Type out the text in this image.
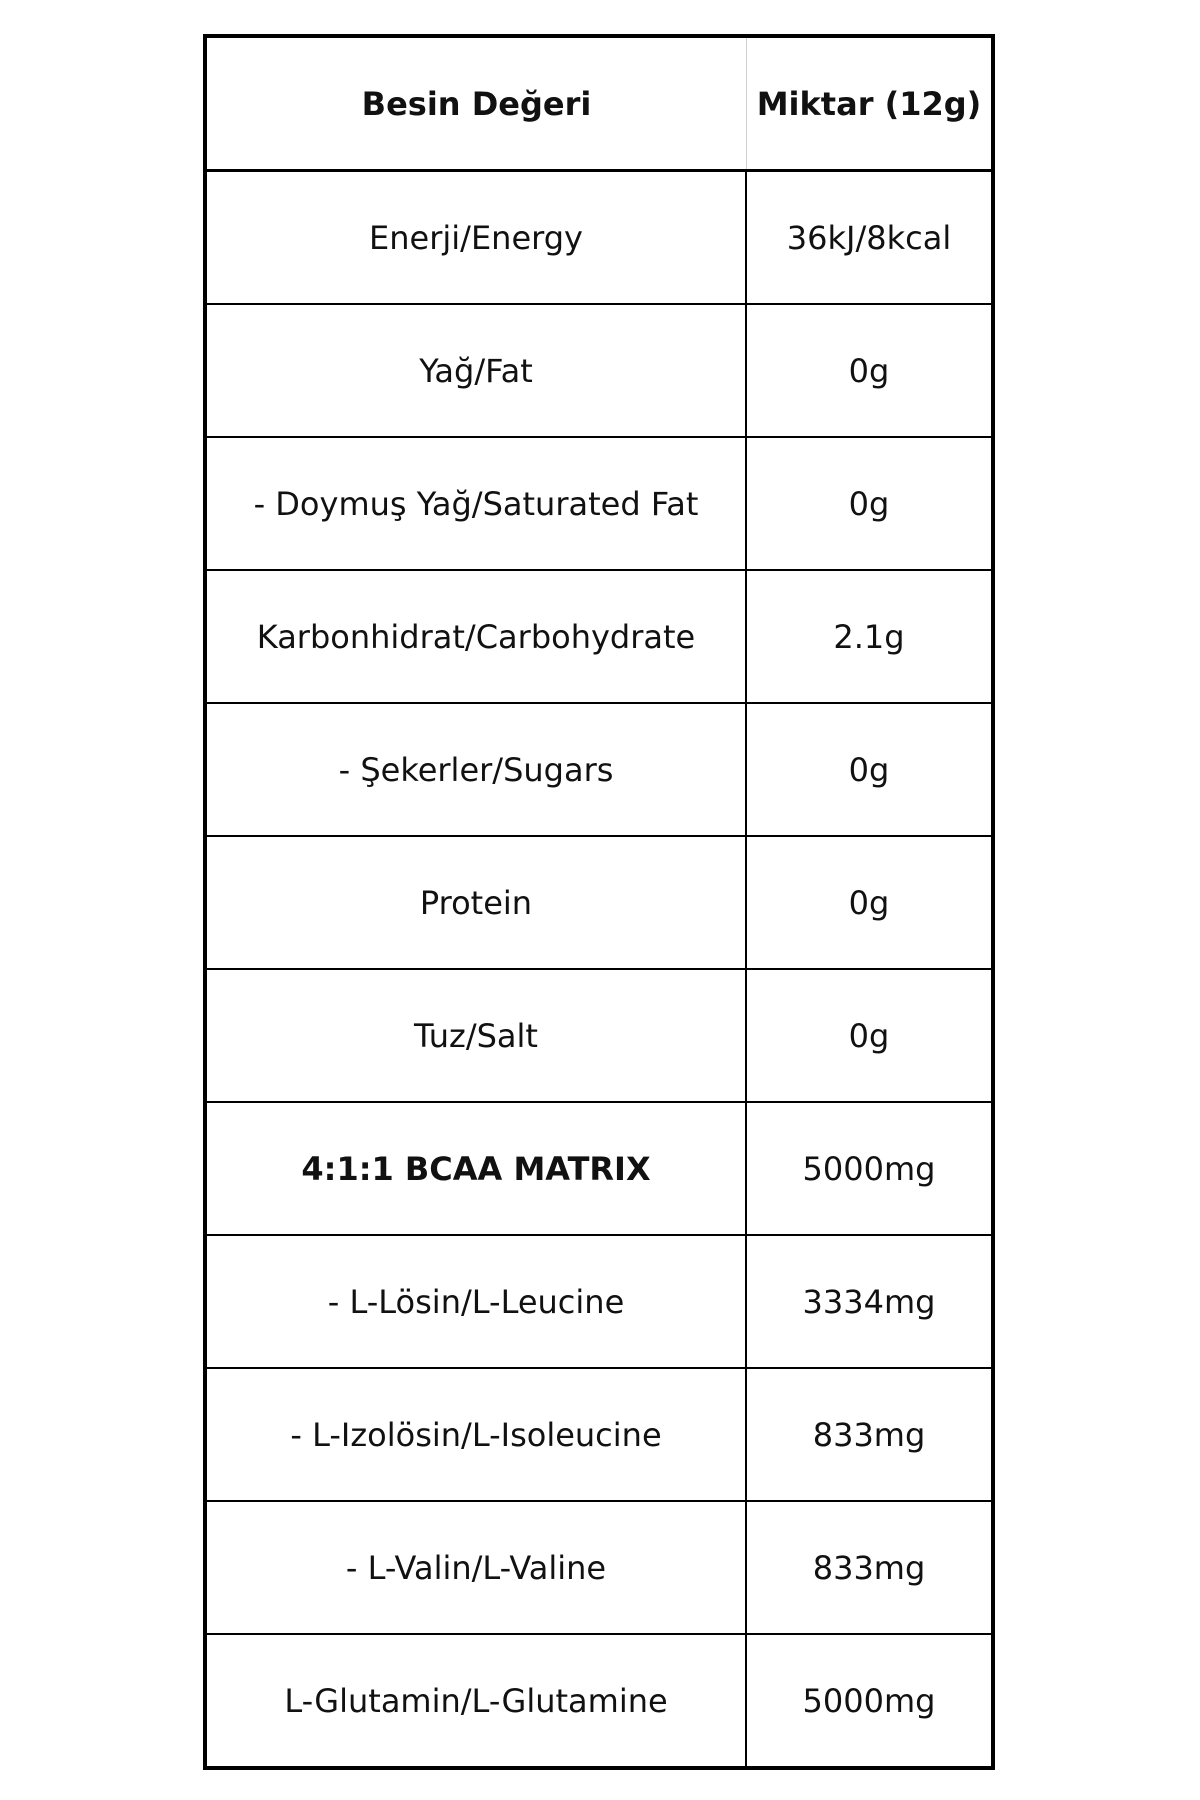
Besin Değeri	Miktar (12g)
Enerji/Energy	36kJ/8kcal
Yağ/Fat	0g
- Doymuş Yağ/Saturated Fat	0g
Karbonhidrat/Carbohydrate	2.1g
- Şekerler/Sugars	0g
Protein	0g
Tuz/Salt	0g
4:1:1 BCAA MATRIX	5000mg
- L-Lösin/L-Leucine	3334mg
- L-Izolösin/L-Isoleucine	833mg
- L-Valin/L-Valine	833mg
L-Glutamin/L-Glutamine	5000mg
